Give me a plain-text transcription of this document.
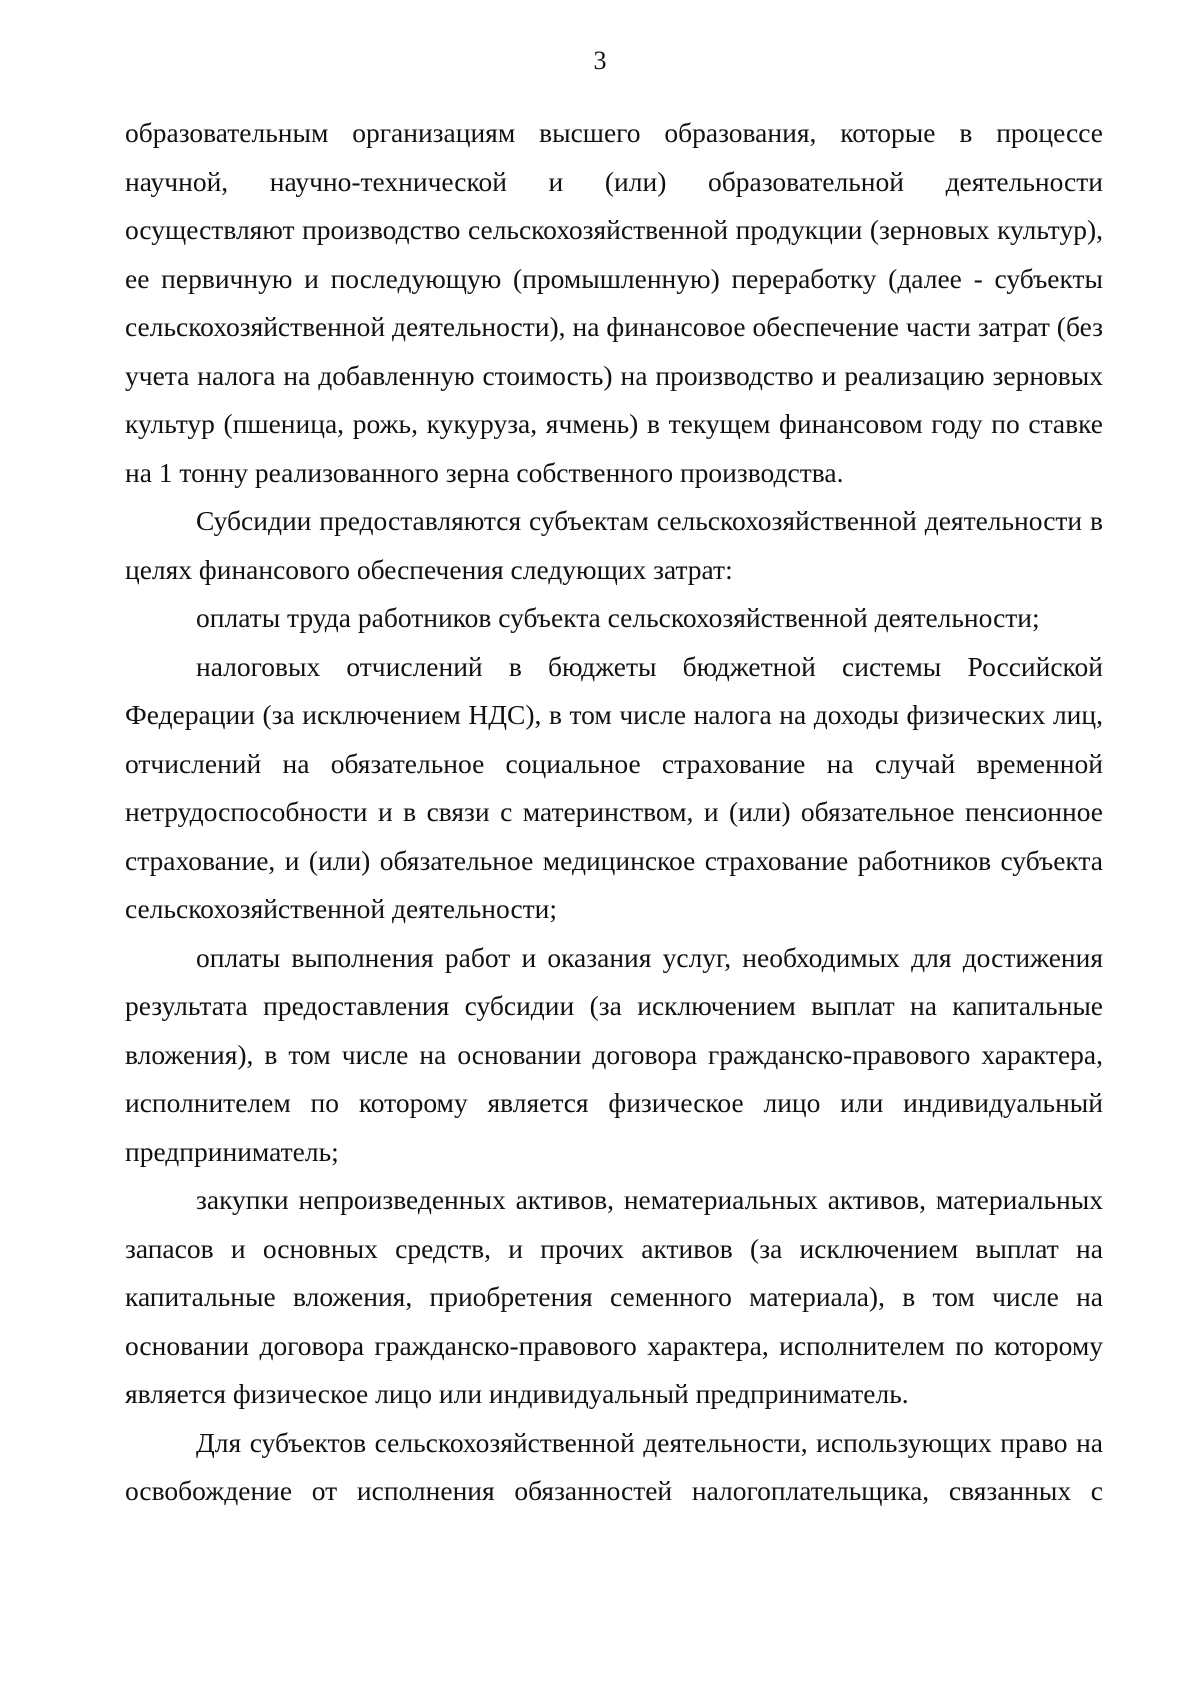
3

образовательным организациям высшего образования, которые в процессе научной, научно-технической и (или) образовательной деятельности осуществляют производство сельскохозяйственной продукции (зерновых культур), ее первичную и последующую (промышленную) переработку (далее - субъекты сельскохозяйственной деятельности), на финансовое обеспечение части затрат (без учета налога на добавленную стоимость) на производство и реализацию зерновых культур (пшеница, рожь, кукуруза, ячмень) в текущем финансовом году по ставке на 1 тонну реализованного зерна собственного производства.

Субсидии предоставляются субъектам сельскохозяйственной деятельности в целях финансового обеспечения следующих затрат:

оплаты труда работников субъекта сельскохозяйственной деятельности;

налоговых отчислений в бюджеты бюджетной системы Российской Федерации (за исключением НДС), в том числе налога на доходы физических лиц, отчислений на обязательное социальное страхование на случай временной нетрудоспособности и в связи с материнством, и (или) обязательное пенсионное страхование, и (или) обязательное медицинское страхование работников субъекта сельскохозяйственной деятельности;

оплаты выполнения работ и оказания услуг, необходимых для достижения результата предоставления субсидии (за исключением выплат на капитальные вложения), в том числе на основании договора гражданско-правового характера, исполнителем по которому является физическое лицо или индивидуальный предприниматель;

закупки непроизведенных активов, нематериальных активов, материальных запасов и основных средств, и прочих активов (за исключением выплат на капитальные вложения, приобретения семенного материала), в том числе на основании договора гражданско-правового характера, исполнителем по которому является физическое лицо или индивидуальный предприниматель.

Для субъектов сельскохозяйственной деятельности, использующих право на освобождение от исполнения обязанностей налогоплательщика, связанных с
